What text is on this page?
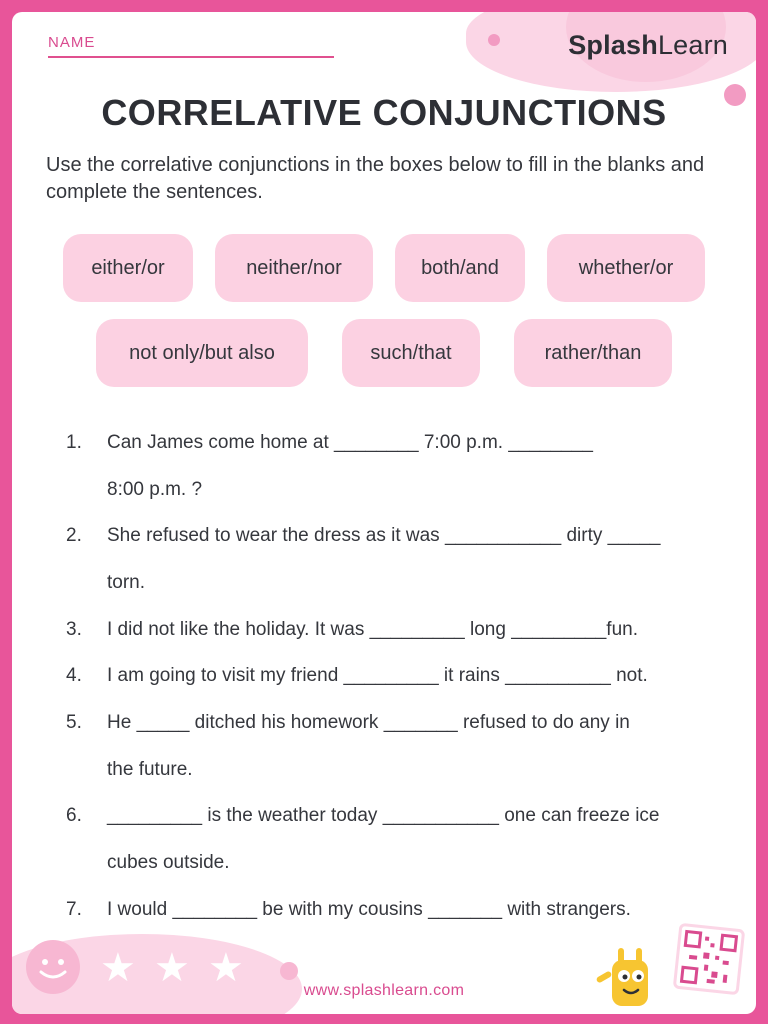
SplashLearn
NAME
CORRELATIVE CONJUNCTIONS
Use the correlative conjunctions in the boxes below to fill in the blanks and complete the sentences.
either/or	neither/nor	both/and	whether/or
not only/but also	such/that	rather/than
1. Can James come home at ________ 7:00 p.m. ________
8:00 p.m. ?
2. She refused to wear the dress as it was ___________ dirty _____
torn.
3. I did not like the holiday. It was _________ long _________fun.
4. I am going to visit my friend _________ it rains __________ not.
5. He _____ ditched his homework _______ refused to do any in
the future.
6. _________ is the weather today ___________ one can freeze ice
cubes outside.
7. I would ________ be with my cousins _______ with strangers.
★ ★ ★
www.splashlearn.com
